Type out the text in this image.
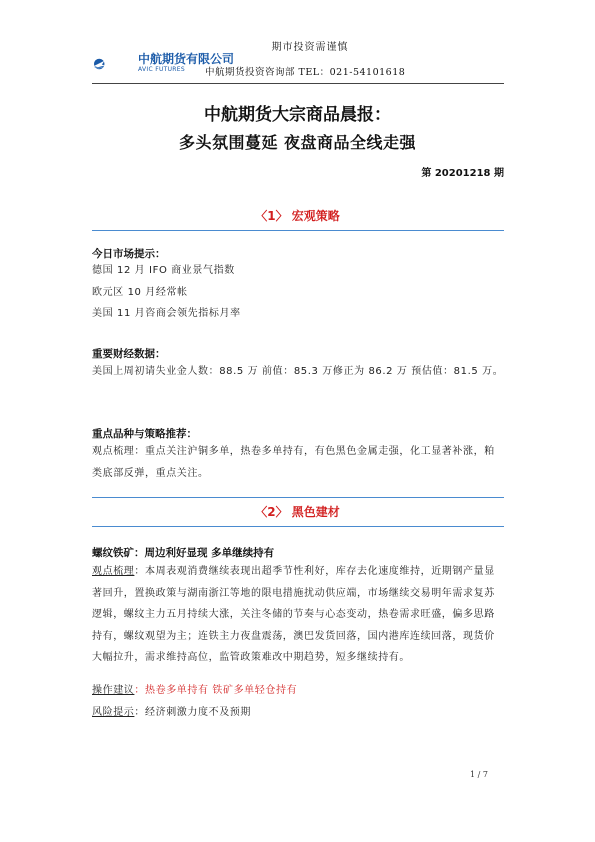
期市投资需谨慎
中航期货有限公司
AVIC FUTURES 中航期货投资咨询部 TEL：021-54101618
中航期货大宗商品晨报：
多头氛围蔓延 夜盘商品全线走强
第 20201218 期
〈1〉 宏观策略
今日市场提示：
德国 12 月 IFO 商业景气指数
欧元区 10 月经常帐
美国 11 月咨商会领先指标月率
重要财经数据：

美国上周初请失业金人数：88.5 万 前值：85.3 万修正为 86.2 万 预估值：81.5 万。

重点品种与策略推荐：

观点梳理：重点关注沪铜多单，热卷多单持有，有色黑色金属走强，化工显著补涨，粕类底部反弹，重点关注。

〈2〉 黑色建材
螺纹铁矿：周边利好显现 多单继续持有

观点梳理：本周表观消费继续表现出超季节性利好，库存去化速度维持，近期钢产量显著回升，置换政策与湖南浙江等地的限电措施扰动供应端，市场继续交易明年需求复苏逻辑，螺纹主力五月持续大涨，关注冬储的节奏与心态变动，热卷需求旺盛，偏多思路持有，螺纹观望为主；连铁主力夜盘震荡，澳巴发货回落，国内港库连续回落，现货价大幅拉升，需求维持高位，监管政策难改中期趋势，短多继续持有。

操作建议：热卷多单持有 铁矿多单轻仓持有

风险提示：经济刺激力度不及预期

1 / 7
